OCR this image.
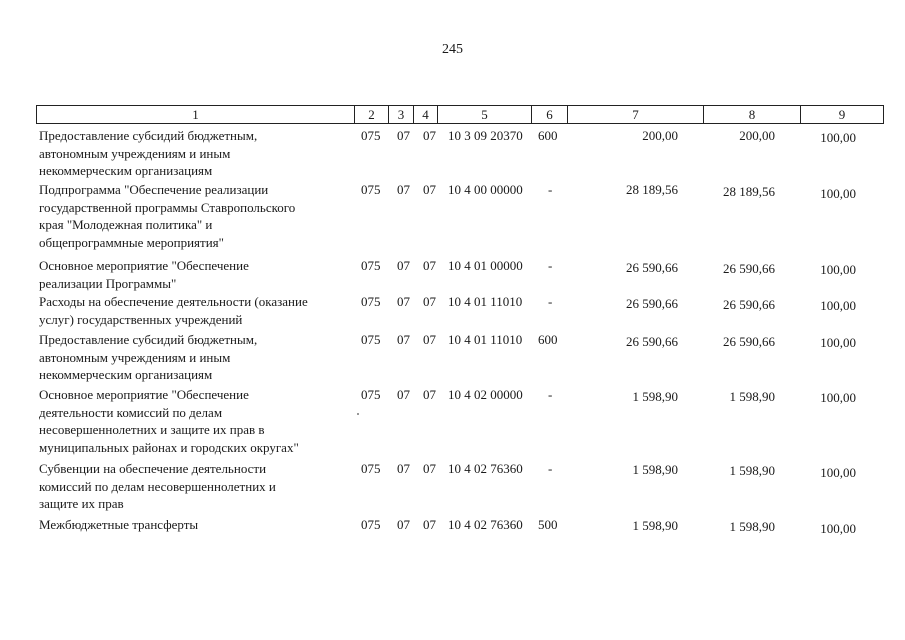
245
1	2	3	4	5	6	7	8	9
Предоставление субсидий бюджетным,
автономным учреждениям и иным
некоммерческим организациям
075 07 07 10 3 09 20370	600	200,00	200,00	100,00
Подпрограмма "Обеспечение реализации
государственной программы Ставропольского
края "Молодежная политика" и
общепрограммные мероприятия"
075 07 07 10 4 00 00000	-	28 189,56	28 189,56	100,00
Основное мероприятие "Обеспечение
реализации Программы"
075 07 07 10 4 01 00000	-	26 590,66	26 590,66	100,00
Расходы на обеспечение деятельности (оказание
услуг) государственных учреждений
075 07 07 10 4 01 11010	-	26 590,66	26 590,66	100,00
Предоставление субсидий бюджетным,
автономным учреждениям и иным
некоммерческим организациям
075 07 07 10 4 01 11010	600	26 590,66	26 590,66	100,00
Основное мероприятие "Обеспечение
деятельности комиссий по делам
несовершеннолетних и защите их прав в
муниципальных районах и городских округах"
075 07 07 10 4 02 00000	-	1 598,90	1 598,90	100,00
Субвенции на обеспечение деятельности
комиссий по делам несовершеннолетних и
защите их прав
075 07 07 10 4 02 76360	-	1 598,90	1 598,90	100,00
Межбюджетные трансферты	075 07 07 10 4 02 76360	500	1 598,90	1 598,90	100,00
